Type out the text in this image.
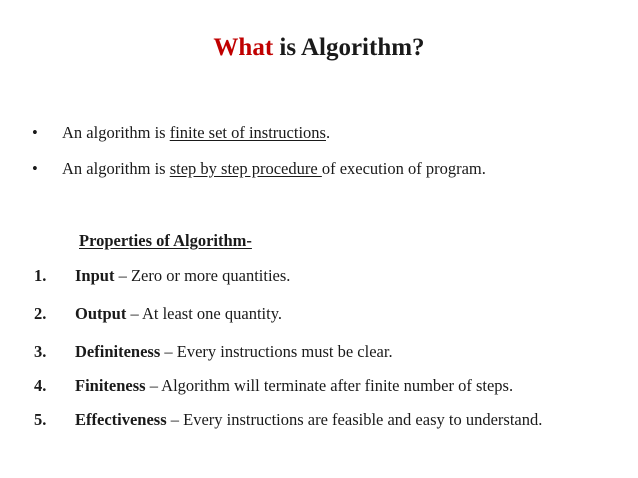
What is Algorithm?
• An algorithm is finite set of instructions.
• An algorithm is step by step procedure of execution of program.
Properties of Algorithm-
1. Input – Zero or more quantities.
2. Output – At least one quantity.
3. Definiteness – Every instructions must be clear.
4. Finiteness – Algorithm will terminate after finite number of steps.
5. Effectiveness – Every instructions are feasible and easy to understand.
